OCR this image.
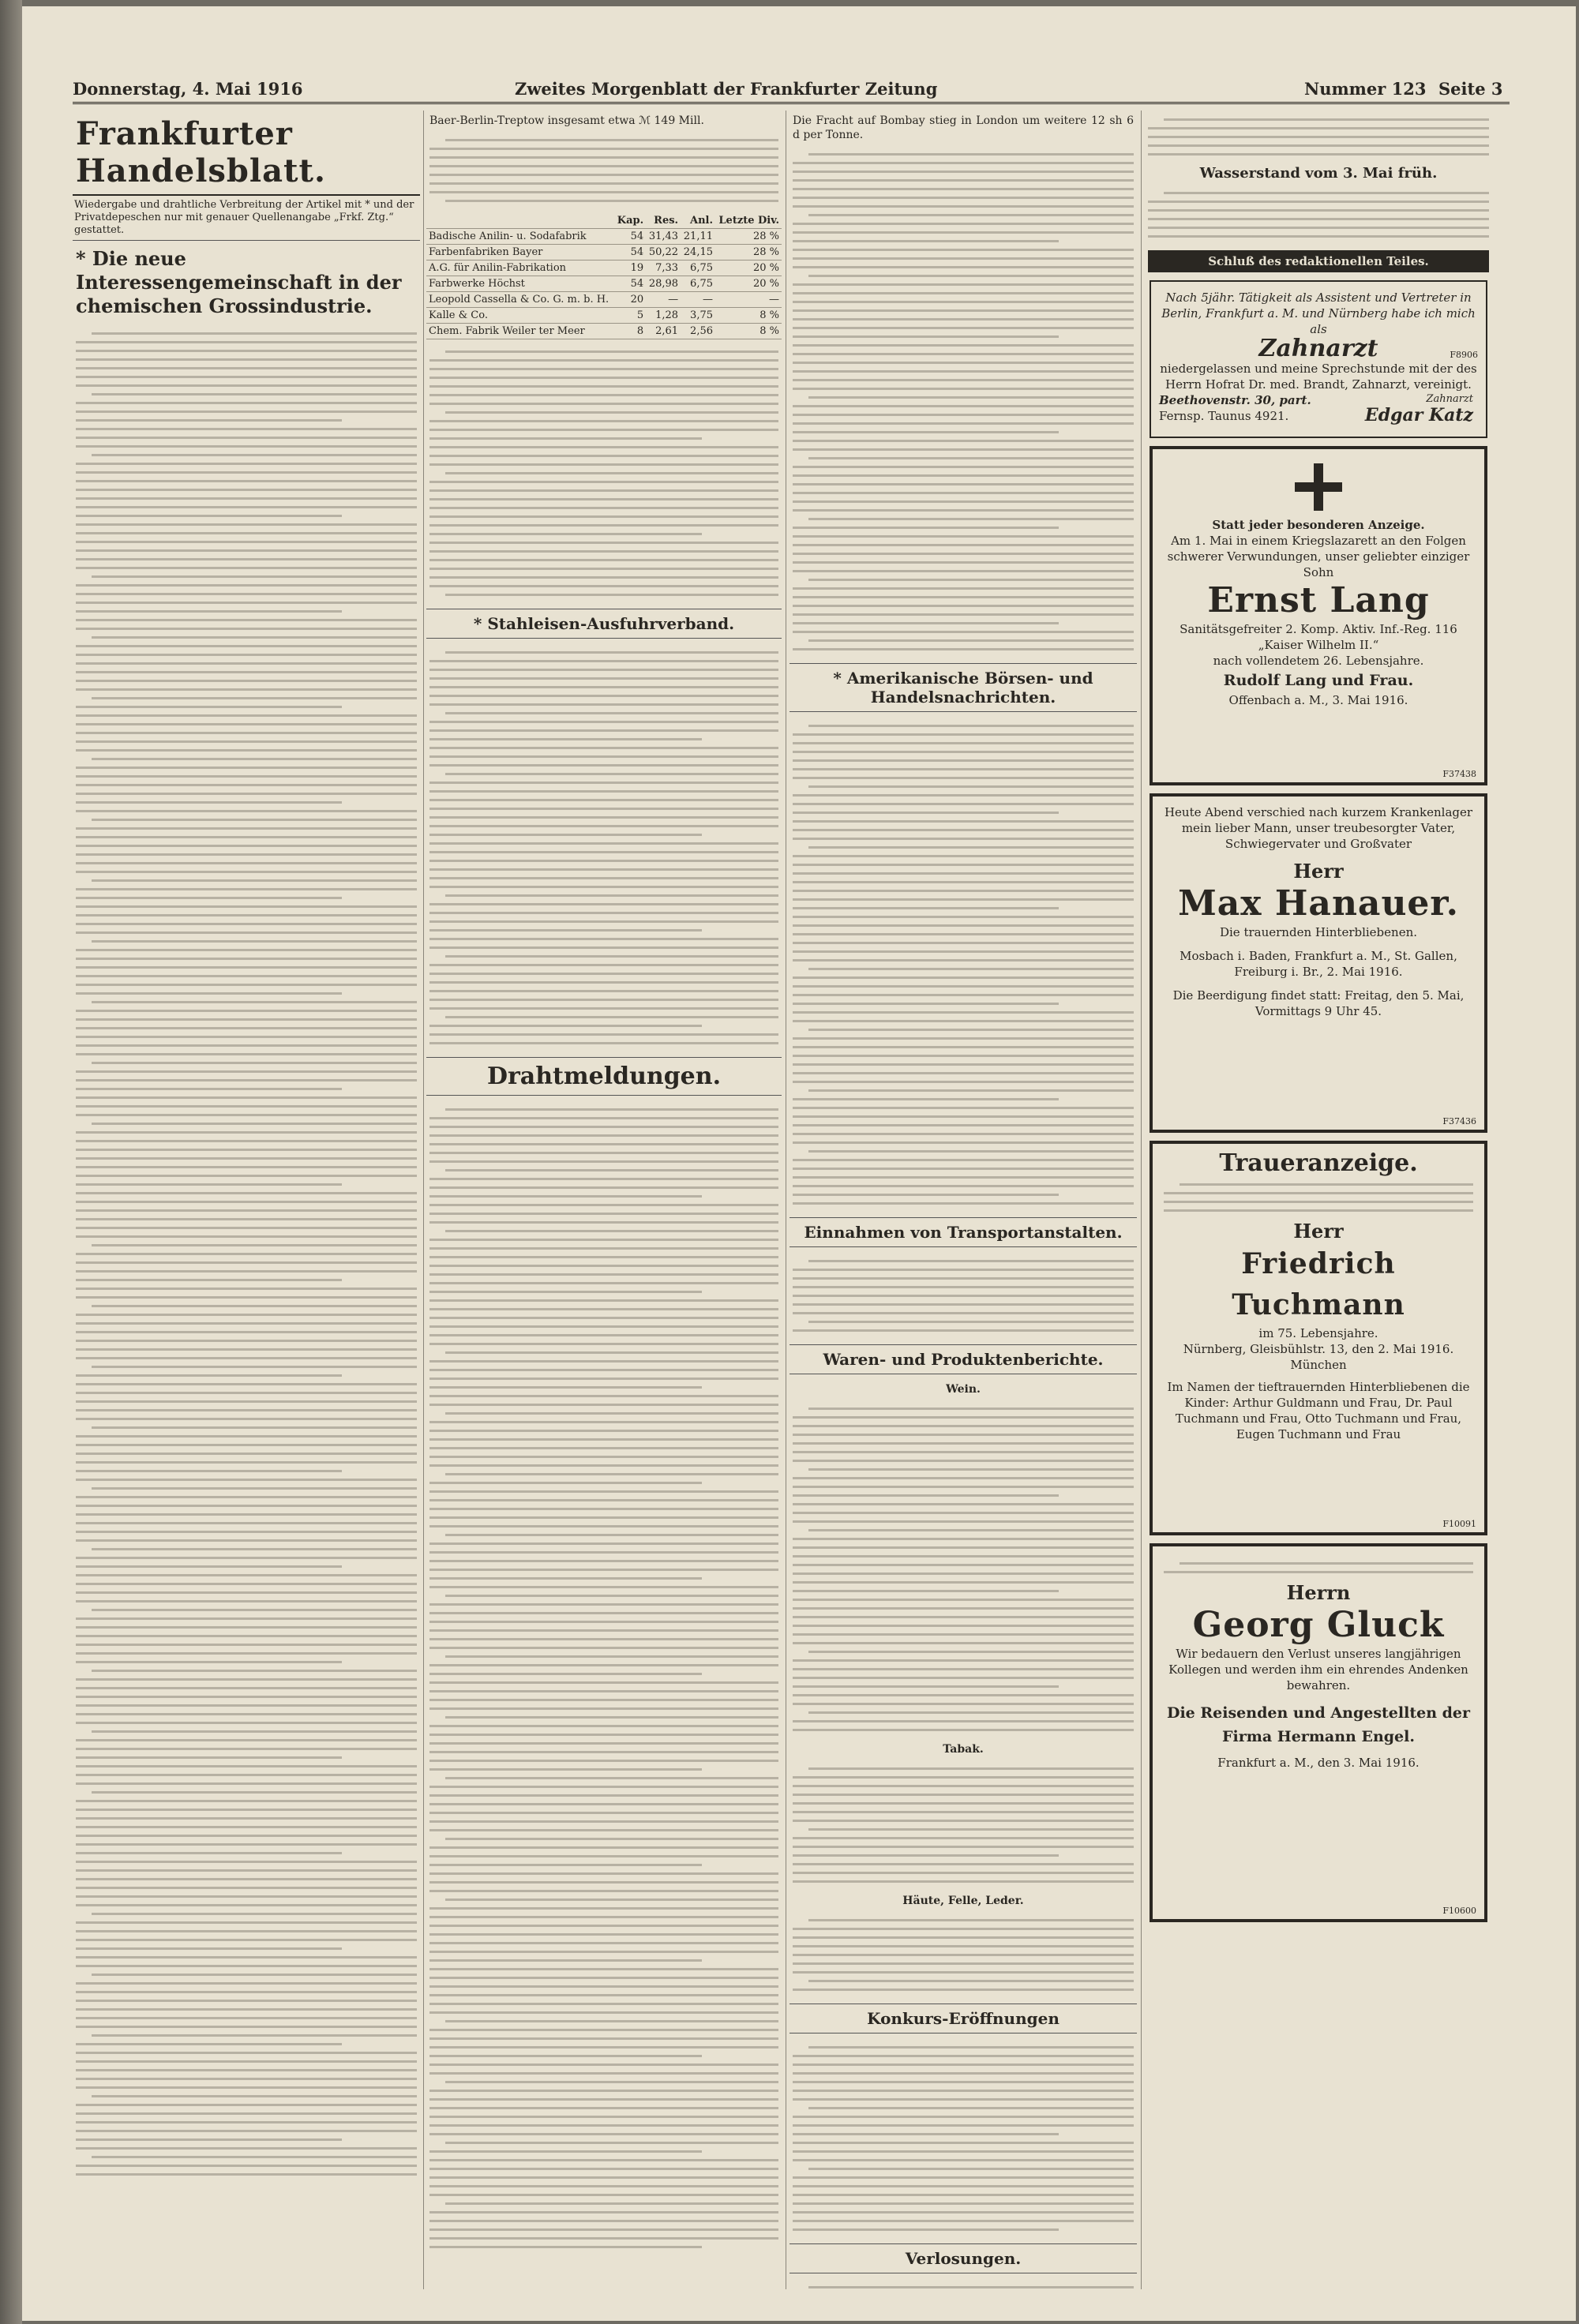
Donnerstag, 4. Mai 1916	Zweites Morgenblatt der Frankfurter Zeitung	Nummer 123 Seite 3
Frankfurter Handelsblatt.
Wiedergabe und drahtliche Verbreitung der Artikel mit * und der Privatdepeschen nur mit genauer Quellenangabe „Frkf. Ztg.“ gestattet.
* Die neue Interessengemeinschaft in der chemischen Grossindustrie.
Baer-Berlin-Treptow insgesamt etwa ℳ 149 Mill.
	Kap.	Res.	Anl.	Letzte Div.
Badische Anilin- u. Sodafabrik	54	31,43	21,11	28 %
Farbenfabriken Bayer	54	50,22	24,15	28 %
A.G. für Anilin-Fabrikation	19	7,33	6,75	20 %
Farbwerke Höchst	54	28,98	6,75	20 %
Leopold Cassella & Co. G. m. b. H.	20	—	—	—
Kalle & Co.	5	1,28	3,75	8 %
Chem. Fabrik Weiler ter Meer	8	2,61	2,56	8 %
* Stahleisen-Ausfuhrverband.
Drahtmeldungen.
Die Fracht auf Bombay stieg in London um weitere 12 sh 6 d per Tonne.
* Amerikanische Börsen- und Handelsnachrichten.
Einnahmen von Transportanstalten.
Waren- und Produktenberichte.
Wein.
Tabak.
Häute, Felle, Leder.
Konkurs-Eröffnungen
Verlosungen.
Wasserstand vom 3. Mai früh.
Schluß des redaktionellen Teiles.
Nach 5jähr. Tätigkeit als Assistent und Vertreter in Berlin, Frankfurt a. M. und Nürnberg habe ich mich als
Zahnarzt
niedergelassen und meine Sprechstunde mit der des Herrn Hofrat Dr. med. Brandt, Zahnarzt, vereinigt.
Beethovenstr. 30, part.
Fernsp. Taunus 4921.
Zahnarzt
Edgar Katz
F8906
Statt jeder besonderen Anzeige.
Am 1. Mai in einem Kriegslazarett an den Folgen schwerer Verwundungen, unser geliebter einziger Sohn
Ernst Lang
Sanitätsgefreiter 2. Komp. Aktiv. Inf.-Reg. 116 „Kaiser Wilhelm II.“
nach vollendetem 26. Lebensjahre.
Rudolf Lang und Frau.
Offenbach a. M., 3. Mai 1916.
F37438
Heute Abend verschied nach kurzem Krankenlager mein lieber Mann, unser treubesorgter Vater, Schwiegervater und Großvater
Herr
Max Hanauer.
Die trauernden Hinterbliebenen.
Mosbach i. Baden, Frankfurt a. M., St. Gallen, Freiburg i. Br., 2. Mai 1916.
Die Beerdigung findet statt: Freitag, den 5. Mai, Vormittags 9 Uhr 45.
F37436
Traueranzeige.
Herr
Friedrich Tuchmann
im 75. Lebensjahre.
Nürnberg, Gleisbühlstr. 13, den 2. Mai 1916. München
Im Namen der tieftrauernden Hinterbliebenen die Kinder: Arthur Guldmann und Frau, Dr. Paul Tuchmann und Frau, Otto Tuchmann und Frau, Eugen Tuchmann und Frau
F10091
Herrn
Georg Gluck
Wir bedauern den Verlust unseres langjährigen Kollegen und werden ihm ein ehrendes Andenken bewahren.
Die Reisenden und Angestellten der Firma Hermann Engel.
Frankfurt a. M., den 3. Mai 1916.
F10600
